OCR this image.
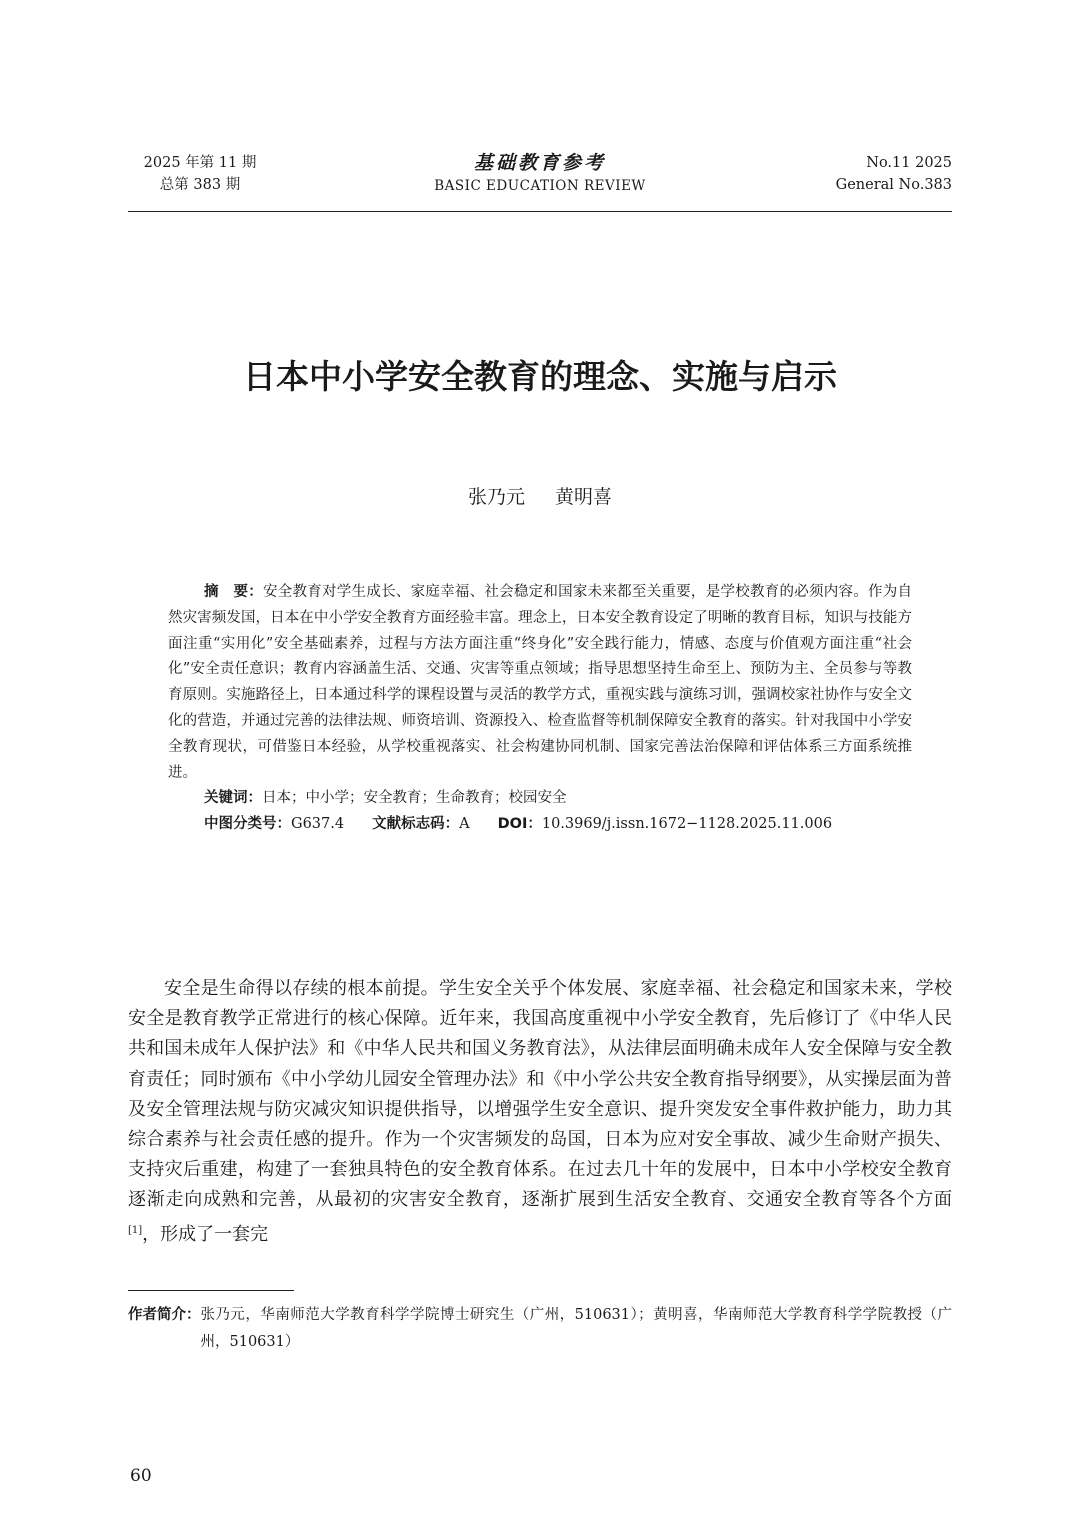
2025 年第 11 期
总第 383 期
基础教育参考
BASIC EDUCATION REVIEW
No.11 2025
General No.383
日本中小学安全教育的理念、实施与启示
张乃元 黄明喜

摘　要：安全教育对学生成长、家庭幸福、社会稳定和国家未来都至关重要，是学校教育的必须内容。作为自然灾害频发国，日本在中小学安全教育方面经验丰富。理念上，日本安全教育设定了明晰的教育目标，知识与技能方面注重“实用化”安全基础素养，过程与方法方面注重“终身化”安全践行能力，情感、态度与价值观方面注重“社会化”安全责任意识；教育内容涵盖生活、交通、灾害等重点领域；指导思想坚持生命至上、预防为主、全员参与等教育原则。实施路径上，日本通过科学的课程设置与灵活的教学方式，重视实践与演练习训，强调校家社协作与安全文化的营造，并通过完善的法律法规、师资培训、资源投入、检查监督等机制保障安全教育的落实。针对我国中小学安全教育现状，可借鉴日本经验，从学校重视落实、社会构建协同机制、国家完善法治保障和评估体系三方面系统推进。

关键词：日本；中小学；安全教育；生命教育；校园安全

中图分类号：G637.4 文献标志码：A DOI：10.3969/j.issn.1672−1128.2025.11.006

安全是生命得以存续的根本前提。学生安全关乎个体发展、家庭幸福、社会稳定和国家未来，学校安全是教育教学正常进行的核心保障。近年来，我国高度重视中小学安全教育，先后修订了《中华人民共和国未成年人保护法》和《中华人民共和国义务教育法》，从法律层面明确未成年人安全保障与安全教育责任；同时颁布《中小学幼儿园安全管理办法》和《中小学公共安全教育指导纲要》，从实操层面为普及安全管理法规与防灾减灾知识提供指导，以增强学生安全意识、提升突发安全事件救护能力，助力其综合素养与社会责任感的提升。作为一个灾害频发的岛国，日本为应对安全事故、减少生命财产损失、支持灾后重建，构建了一套独具特色的安全教育体系。在过去几十年的发展中，日本中小学校安全教育逐渐走向成熟和完善，从最初的灾害安全教育，逐渐扩展到生活安全教育、交通安全教育等各个方面[1]，形成了一套完

作者简介： 张乃元，华南师范大学教育科学学院博士研究生（广州，510631）；黄明喜，华南师范大学教育科学学院教授（广州，510631）
60
